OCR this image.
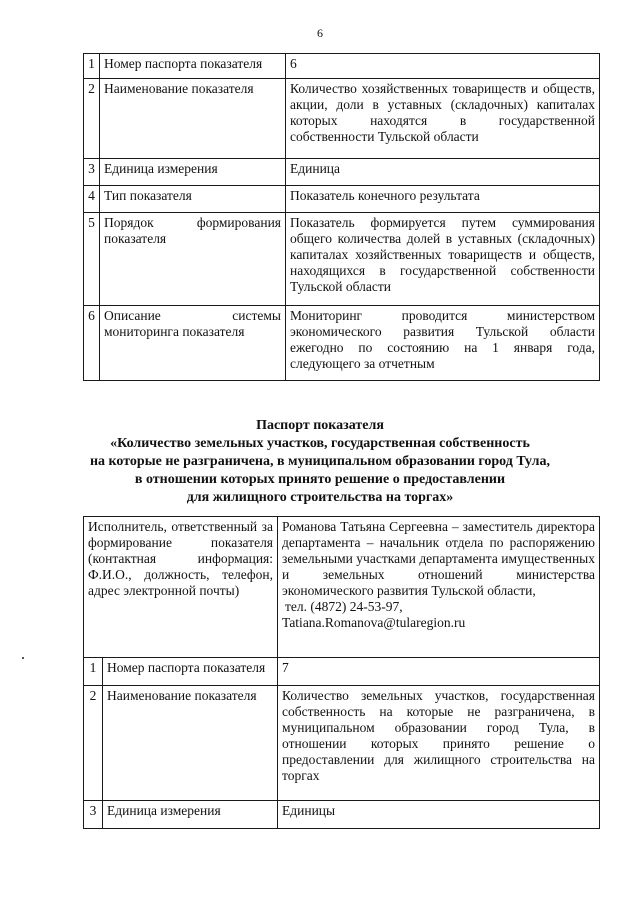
6
1	Номер паспорта показателя	6
2	Наименование показателя	Количество хозяйственных товариществ и обществ, акции, доли в уставных (складочных) капиталах которых находятся в государственной собственности Тульской области
3	Единица измерения	Единица
4	Тип показателя	Показатель конечного результата
5	Порядок формирования показателя	Показатель формируется путем суммирования общего количества долей в уставных (складочных) капиталах хозяйственных товариществ и обществ, находящихся в государственной собственности Тульской области
6	Описание системы мониторинга показателя	Мониторинг проводится министерством экономического развития Тульской области ежегодно по состоянию на 1 января года, следующего за отчетным
Паспорт показателя
«Количество земельных участков, государственная собственность
на которые не разграничена, в муниципальном образовании город Тула,
в отношении которых принято решение о предоставлении
для жилищного строительства на торгах»
Исполнитель, ответственный за формирование показателя (контактная информация: Ф.И.О., должность, телефон, адрес электронной почты)		Романова Татьяна Сергеевна – заместитель директора департамента – начальник отдела по распоряжению земельными участками департамента имущественных и земельных отношений министерства экономического развития Тульской области,
тел. (4872) 24-53-97,
Tatiana.Romanova@tularegion.ru

1	Номер паспорта показателя	7
2	Наименование показателя	Количество земельных участков, государственная собственность на которые не разграничена, в муниципальном образовании город Тула, в отношении которых принято решение о предоставлении для жилищного строительства на торгах
3	Единица измерения	Единицы
